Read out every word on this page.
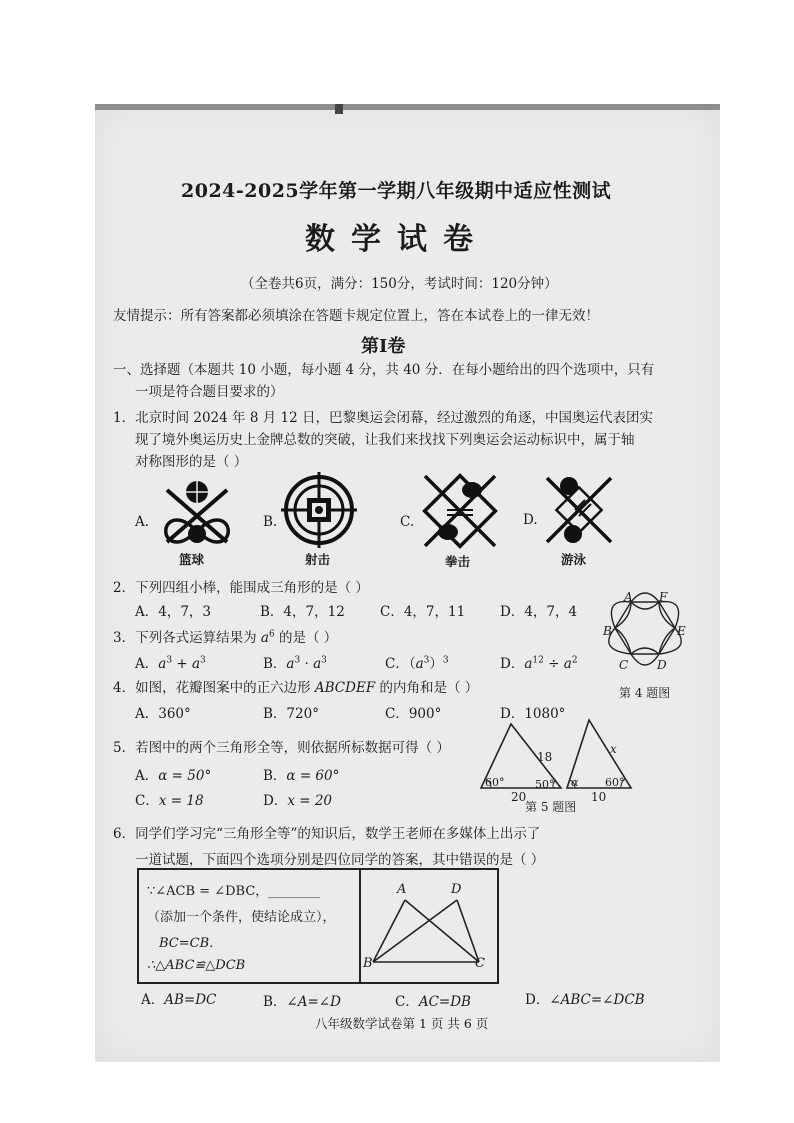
2024-2025学年第一学期八年级期中适应性测试
数学试卷
（全卷共6页，满分：150分，考试时间：120分钟）
友情提示：所有答案都必须填涂在答题卡规定位置上，答在本试卷上的一律无效！
第Ⅰ卷
一、选择题（本题共 10 小题，每小题 4 分，共 40 分．在每小题给出的四个选项中，只有
一项是符合题目要求的）
1．北京时间 2024 年 8 月 12 日，巴黎奥运会闭幕，经过激烈的角逐，中国奥运代表团实
现了境外奥运历史上金牌总数的突破，让我们来找找下列奥运会运动标识中，属于轴
对称图形的是（ ）
A.
篮球
B.
射击
C.
拳击
D.
游泳
2．下列四组小棒，能围成三角形的是（ ）
A．4，7，3	B．4，7，12	C．4，7，11	D．4，7，4
3．下列各式运算结果为 $a^6$ 的是（ ）
A．$a^3 + a^3$	B．$a^3 \cdot a^3$	C．$(a^3)^3$	D．$a^{12} \div a^2$
A F
B	E
C D
第 4 题图
4．如图，花瓣图案中的正六边形 ABCDEF 的内角和是（ ）
A．360°	B．720°	C．900°	D．1080°
5．若图中的两个三角形全等，则依据所标数据可得（ ）
A．α = 50°	B．α = 60°
C．x = 18	D．x = 20
18
60°	50°
20
x
α 60°
10
第 5 题图
6．同学们学习完“三角形全等”的知识后，数学王老师在多媒体上出示了
一道试题，下面四个选项分别是四位同学的答案，其中错误的是（ ）
∵∠ACB = ∠DBC，________
（添加一个条件，使结论成立），
BC=CB．
∴△ABC≌△DCB
A	D
B	C
A．AB=DC	B．∠A=∠D	C．AC=DB	D．∠ABC=∠DCB
八年级数学试卷第 1 页 共 6 页
